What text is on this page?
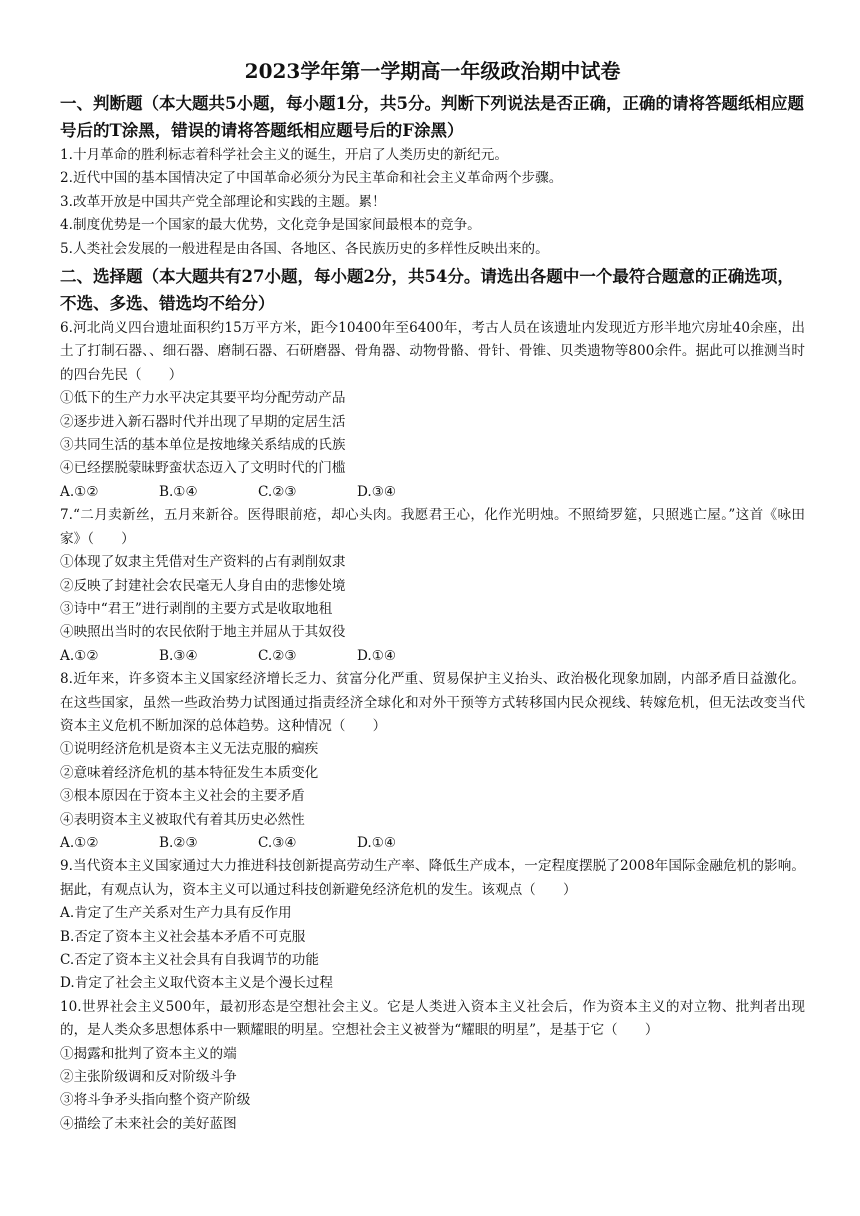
2023学年第一学期高一年级政治期中试卷
一、判断题（本大题共5小题，每小题1分，共5分。判断下列说法是否正确，正确的请将答题纸相应题号后的T涂黑，错误的请将答题纸相应题号后的F涂黑）
1.十月革命的胜利标志着科学社会主义的诞生，开启了人类历史的新纪元。
2.近代中国的基本国情决定了中国革命必须分为民主革命和社会主义革命两个步骤。
3.改革开放是中国共产党全部理论和实践的主题。累！
4.制度优势是一个国家的最大优势，文化竞争是国家间最根本的竞争。
5.人类社会发展的一般进程是由各国、各地区、各民族历史的多样性反映出来的。
二、选择题（本大题共有27小题，每小题2分，共54分。请选出各题中一个最符合题意的正确选项，不选、多选、错选均不给分）
6.河北尚义四台遗址面积约15万平方米，距今10400年至6400年，考古人员在该遗址内发现近方形半地穴房址40余座，出土了打制石器、、细石器、磨制石器、石研磨器、骨角器、动物骨骼、骨针、骨锥、贝类遗物等800余件。据此可以推测当时的四台先民（　　）
①低下的生产力水平决定其要平均分配劳动产品
②逐步进入新石器时代并出现了早期的定居生活
③共同生活的基本单位是按地缘关系结成的氏族
④已经摆脱蒙昧野蛮状态迈入了文明时代的门槛
A.①②	B.①④	C.②③	D.③④
7.“二月卖新丝，五月来新谷。医得眼前疮，却心头肉。我愿君王心，化作光明烛。不照绮罗筵，只照逃亡屋。”这首《咏田家》（　　）
①体现了奴隶主凭借对生产资料的占有剥削奴隶
②反映了封建社会农民毫无人身自由的悲惨处境
③诗中“君王”进行剥削的主要方式是收取地租
④映照出当时的农民依附于地主并屈从于其奴役
A.①②	B.③④	C.②③	D.①④
8.近年来，许多资本主义国家经济增长乏力、贫富分化严重、贸易保护主义抬头、政治极化现象加剧，内部矛盾日益激化。在这些国家，虽然一些政治势力试图通过指责经济全球化和对外干预等方式转移国内民众视线、转嫁危机，但无法改变当代资本主义危机不断加深的总体趋势。这种情况（　　）
①说明经济危机是资本主义无法克服的痼疾
②意味着经济危机的基本特征发生本质变化
③根本原因在于资本主义社会的主要矛盾
④表明资本主义被取代有着其历史必然性
A.①②	B.②③	C.③④	D.①④
9.当代资本主义国家通过大力推进科技创新提高劳动生产率、降低生产成本，一定程度摆脱了2008年国际金融危机的影响。据此，有观点认为，资本主义可以通过科技创新避免经济危机的发生。该观点（　　）
A.肯定了生产关系对生产力具有反作用
B.否定了资本主义社会基本矛盾不可克服
C.否定了资本主义社会具有自我调节的功能
D.肯定了社会主义取代资本主义是个漫长过程
10.世界社会主义500年，最初形态是空想社会主义。它是人类进入资本主义社会后，作为资本主义的对立物、批判者出现的，是人类众多思想体系中一颗耀眼的明星。空想社会主义被誉为“耀眼的明星”，是基于它（　　）
①揭露和批判了资本主义的端
②主张阶级调和反对阶级斗争
③将斗争矛头指向整个资产阶级
④描绘了未来社会的美好蓝图
